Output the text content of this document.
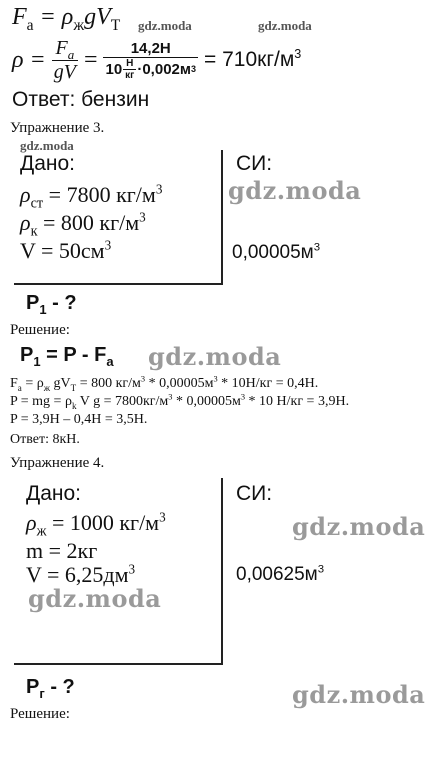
$F_a = \rho_жgV_Т$ gdz.moda	gdz.moda
$\rho = \frac{F_a}{gV} = \frac{14,2Н}{10 \frac{Н}{кг} \cdot 0,002м 3} = 710кг/м^3$
Ответ: бензин
Упражнение 3.
gdz.moda
Дано:	СИ:
gdz.moda
$\rho_{ст} = 7800$ $кг/м^3$
$\rho_к = 800$ $кг/м^3$
$V = 50см^3$	$0,00005м^3$
$P_1$ - ?
Решение:
$P_1 = P - F_a$ gdz.moda
$F_а = \rho_ж$ $gV_Т = 800$ $кг/м^3 * 0,00005м^3 * 10Н/кг = 0,4Н$.
P = mg = $\rho_k$ V $g = 7800кг/м^3 * 0,00005м^3 * 10$ Н/кг = 3,9Н.
P = 3,9Н – 0,4Н = 3,5Н.
Ответ: 8кН.
Упражнение 4.
Дано:	СИ:
$\rho_ж = 1000$ $кг/м^3$	gdz.moda
m = 2кг
$V = 6,25дм^3$	$0,00625м^3$
gdz.moda
$P_г$ - ?	gdz.moda
Решение:
